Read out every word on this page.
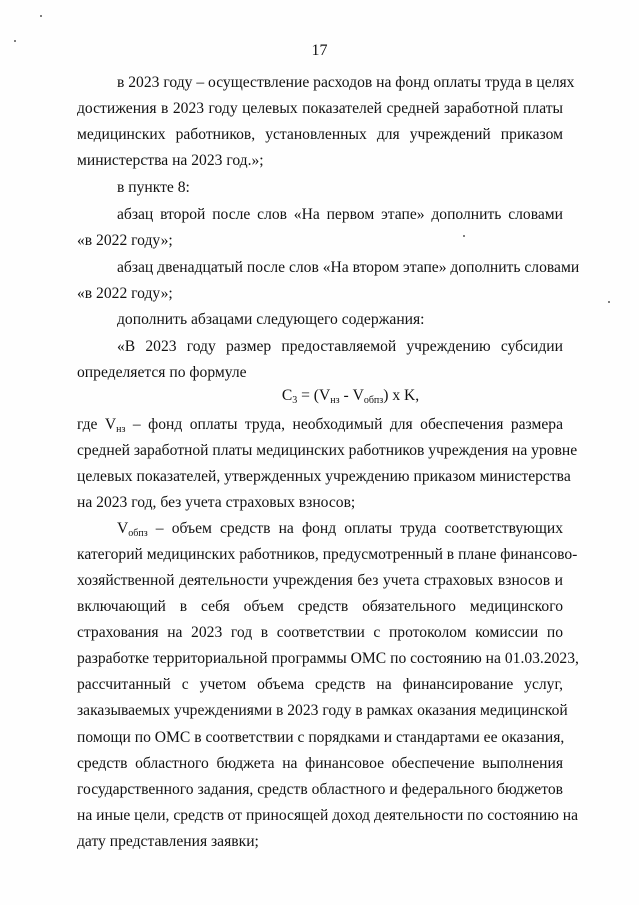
17
в 2023 году – осуществление расходов на фонд оплаты труда в целях
достижения в 2023 году целевых показателей средней заработной платы
медицинских работников, установленных для учреждений приказом
министерства на 2023 год.»;
в пункте 8:
абзац второй после слов «На первом этапе» дополнить словами
«в 2022 году»;
абзац двенадцатый после слов «На втором этапе» дополнить словами
«в 2022 году»;
дополнить абзацами следующего содержания:
«В 2023 году размер предоставляемой учреждению субсидии
определяется по формуле
$C_3 = (V_{нз} - V_{обпз})$ x K,
где $V_{нз}$ – фонд оплаты труда, необходимый для обеспечения размера
средней заработной платы медицинских работников учреждения на уровне
целевых показателей, утвержденных учреждению приказом министерства
на 2023 год, без учета страховых взносов;
$V_{обпз}$ – объем средств на фонд оплаты труда соответствующих
категорий медицинских работников, предусмотренный в плане финансово-
хозяйственной деятельности учреждения без учета страховых взносов и
включающий в себя объем средств обязательного медицинского
страхования на 2023 год в соответствии с протоколом комиссии по
разработке территориальной программы ОМС по состоянию на 01.03.2023,
рассчитанный с учетом объема средств на финансирование услуг,
заказываемых учреждениями в 2023 году в рамках оказания медицинской
помощи по ОМС в соответствии с порядками и стандартами ее оказания,
средств областного бюджета на финансовое обеспечение выполнения
государственного задания, средств областного и федерального бюджетов
на иные цели, средств от приносящей доход деятельности по состоянию на
дату представления заявки;
